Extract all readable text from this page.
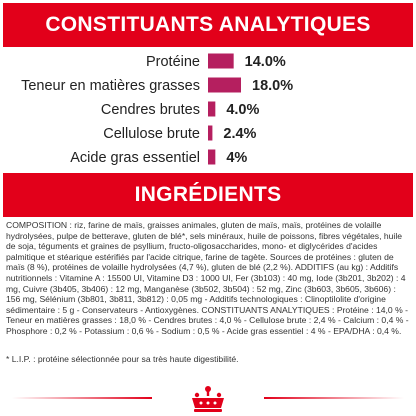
CONSTITUANTS ANALYTIQUES
Protéine	14.0%
Teneur en matières grasses	18.0%
Cendres brutes 4.0%
Cellulose brute 2.4%
Acide gras essentiel 4%
INGRÉDIENTS

COMPOSITION : riz, farine de maïs, graisses animales, gluten de maïs, maïs, protéines de volaille hydrolysées, pulpe de betterave, gluten de blé*, sels minéraux, huile de poissons, fibres végétales, huile de soja, téguments et graines de psyllium, fructo-oligosaccharides, mono- et diglycérides d'acides palmitique et stéarique estérifiés par l'acide citrique, farine de tagète. Sources de protéines : gluten de maïs (8 %), protéines de volaille hydrolysées (4,7 %), gluten de blé (2,2 %). ADDITIFS (au kg) : Additifs nutritionnels : Vitamine A : 15500 UI, Vitamine D3 : 1000 UI, Fer (3b103) : 40 mg, Iode (3b201, 3b202) : 4 mg, Cuivre (3b405, 3b406) : 12 mg, Manganèse (3b502, 3b504) : 52 mg, Zinc (3b603, 3b605, 3b606) : 156 mg, Sélénium (3b801, 3b811, 3b812) : 0,05 mg - Additifs technologiques : Clinoptilolite d'origine sédimentaire : 5 g - Conservateurs - Antioxygènes. CONSTITUANTS ANALYTIQUES : Protéine : 14,0 % - Teneur en matières grasses : 18,0 % - Cendres brutes : 4,0 % - Cellulose brute : 2,4 % - Calcium : 0,4 % - Phosphore : 0,2 % - Potassium : 0,6 % - Sodium : 0,5 % - Acide gras essentiel : 4 % - EPA/DHA : 0,4 %.

* L.I.P. : protéine sélectionnée pour sa très haute digestibilité.
